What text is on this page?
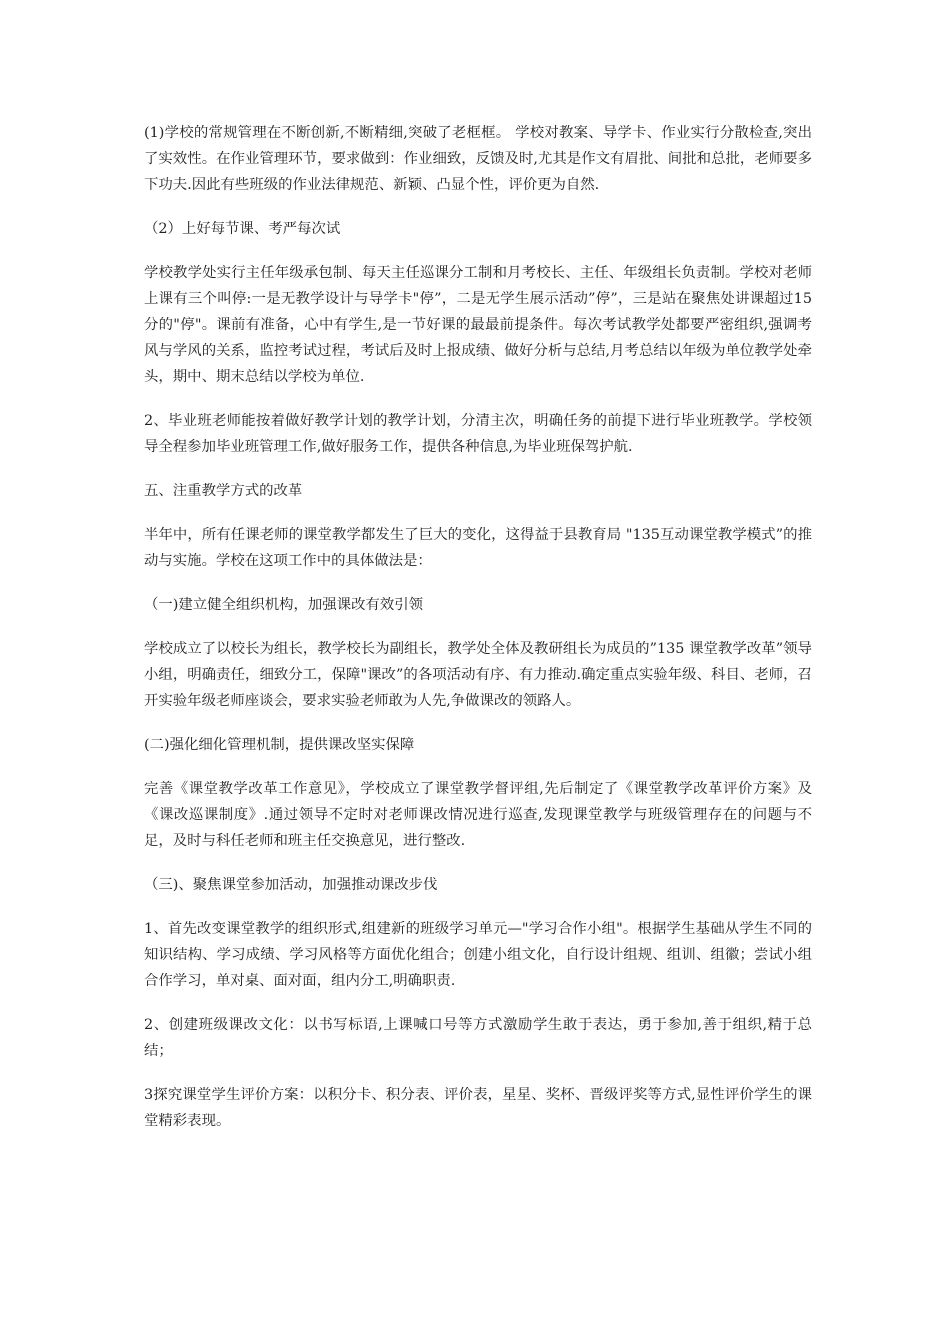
(1)学校的常规管理在不断创新,不断精细,突破了老框框。 学校对教案、导学卡、作业实行分散检查,突出了实效性。在作业管理环节，要求做到：作业细致，反馈及时,尤其是作文有眉批、间批和总批，老师要多下功夫.因此有些班级的作业法律规范、新颖、凸显个性，评价更为自然.

（2）上好每节课、考严每次试

学校教学处实行主任年级承包制、每天主任巡课分工制和月考校长、主任、年级组长负责制。学校对老师上课有三个叫停:一是无教学设计与导学卡"停”，二是无学生展示活动”停”，三是站在聚焦处讲课超过15分的"停"。课前有准备，心中有学生,是一节好课的最最前提条件。每次考试教学处都要严密组织,强调考风与学风的关系，监控考试过程，考试后及时上报成绩、做好分析与总结,月考总结以年级为单位教学处牵头，期中、期末总结以学校为单位.

2、毕业班老师能按着做好教学计划的教学计划，分清主次，明确任务的前提下进行毕业班教学。学校领导全程参加毕业班管理工作,做好服务工作，提供各种信息,为毕业班保驾护航.

五、注重教学方式的改革

半年中，所有任课老师的课堂教学都发生了巨大的变化，这得益于县教育局 "135互动课堂教学模式”的推动与实施。学校在这项工作中的具体做法是：

（一)建立健全组织机构，加强课改有效引领

学校成立了以校长为组长，教学校长为副组长，教学处全体及教研组长为成员的”135 课堂教学改革”领导小组，明确责任，细致分工，保障"课改”的各项活动有序、有力推动.确定重点实验年级、科目、老师，召开实验年级老师座谈会，要求实验老师敢为人先,争做课改的领路人。

(二)强化细化管理机制，提供课改坚实保障

完善《课堂教学改革工作意见》，学校成立了课堂教学督评组,先后制定了《课堂教学改革评价方案》及《课改巡课制度》.通过领导不定时对老师课改情况进行巡查,发现课堂教学与班级管理存在的问题与不足，及时与科任老师和班主任交换意见，进行整改.

（三)、聚焦课堂参加活动，加强推动课改步伐

1、首先改变课堂教学的组织形式,组建新的班级学习单元—"学习合作小组"。根据学生基础从学生不同的知识结构、学习成绩、学习风格等方面优化组合；创建小组文化，自行设计组规、组训、组徽；尝试小组合作学习，单对桌、面对面，组内分工,明确职责.

2、创建班级课改文化：以书写标语,上课喊口号等方式激励学生敢于表达，勇于参加,善于组织,精于总结；

3探究课堂学生评价方案：以积分卡、积分表、评价表，星星、奖杯、晋级评奖等方式,显性评价学生的课堂精彩表现。
